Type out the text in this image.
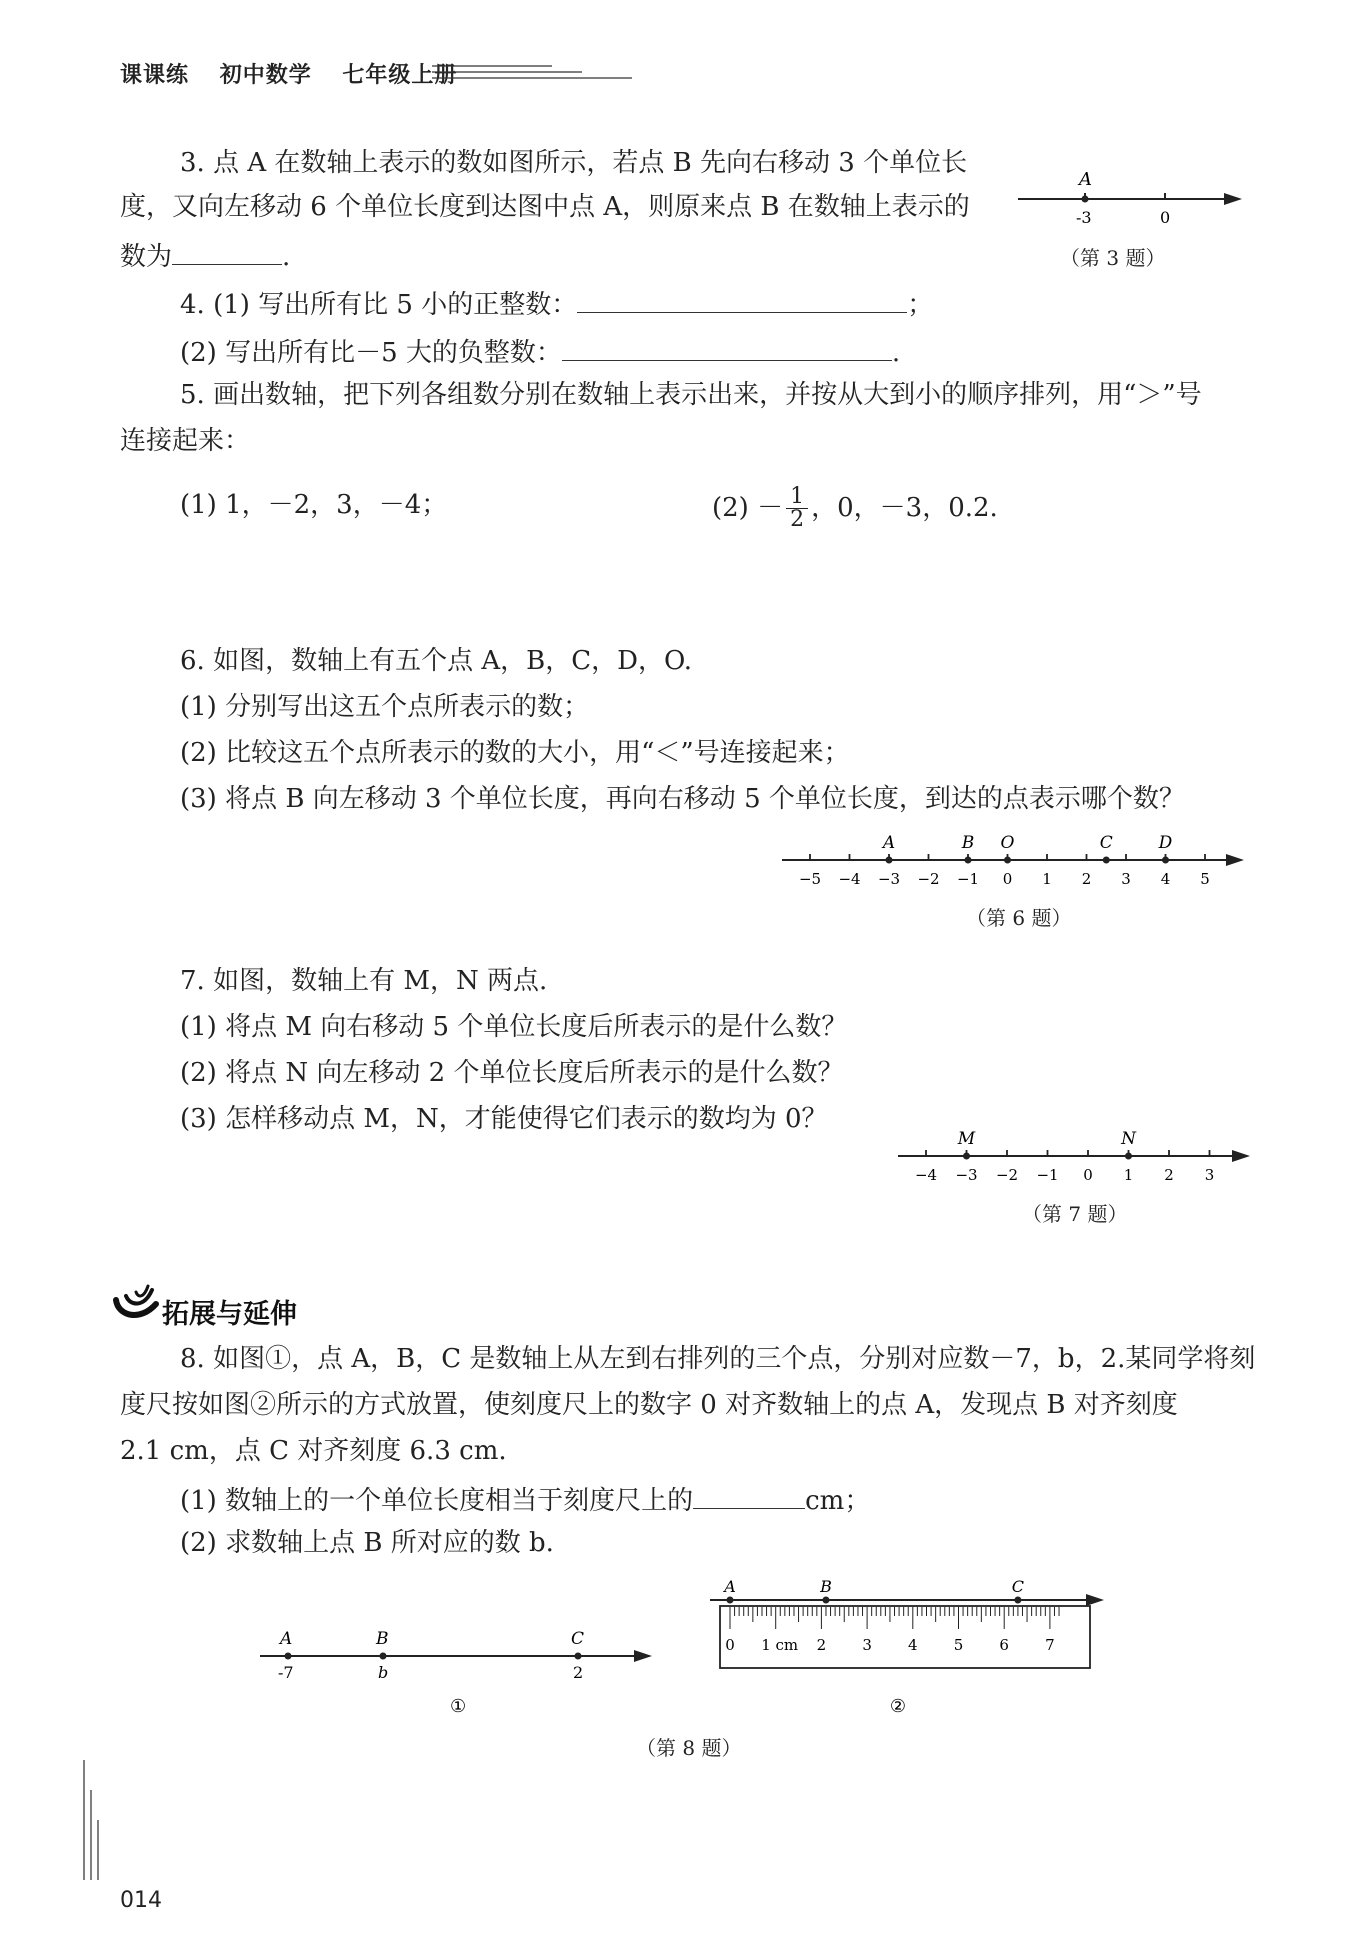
课课练 初中数学 七年级上册
3. 点 A 在数轴上表示的数如图所示，若点 B 先向右移动 3 个单位长
度，又向左移动 6 个单位长度到达图中点 A，则原来点 B 在数轴上表示的
数为	.
A
-3	0
（第 3 题）
4. (1) 写出所有比 5 小的正整数：	；
(2) 写出所有比－5 大的负整数：	.
5. 画出数轴，把下列各组数分别在数轴上表示出来，并按从大到小的顺序排列，用“＞”号
连接起来：
(1) 1，－2，3，－4；	$(2) - \frac{1}{2}$ ，0，－3，0.2.
6. 如图，数轴上有五个点 A，B，C，D，O.
(1) 分别写出这五个点所表示的数；
(2) 比较这五个点所表示的数的大小，用“＜”号连接起来；
(3) 将点 B 向左移动 3 个单位长度，再向右移动 5 个单位长度，到达的点表示哪个数？
−5 −4 −3 −2 −1 0 1 2 3 4 5
A	B O	C	D
（第 6 题）
7. 如图，数轴上有 M，N 两点.
(1) 将点 M 向右移动 5 个单位长度后所表示的是什么数？
(2) 将点 N 向左移动 2 个单位长度后所表示的是什么数？
(3) 怎样移动点 M，N，才能使得它们表示的数均为 0？
−4 −3 −2 −1 0 1 2 3
M	N
（第 7 题）
拓展与延伸
8. 如图①，点 A，B，C 是数轴上从左到右排列的三个点，分别对应数－7，b，2.某同学将刻
度尺按如图②所示的方式放置，使刻度尺上的数字 0 对齐数轴上的点 A，发现点 B 对齐刻度
2.1 cm，点 C 对齐刻度 6.3 cm.
(1) 数轴上的一个单位长度相当于刻度尺上的	cm；
(2) 求数轴上点 B 所对应的数 b.
A	B	C
-7	b	2
①
A	B	C
0 1 cm 2 3 4 5 6 7
②
（第 8 题）
014
